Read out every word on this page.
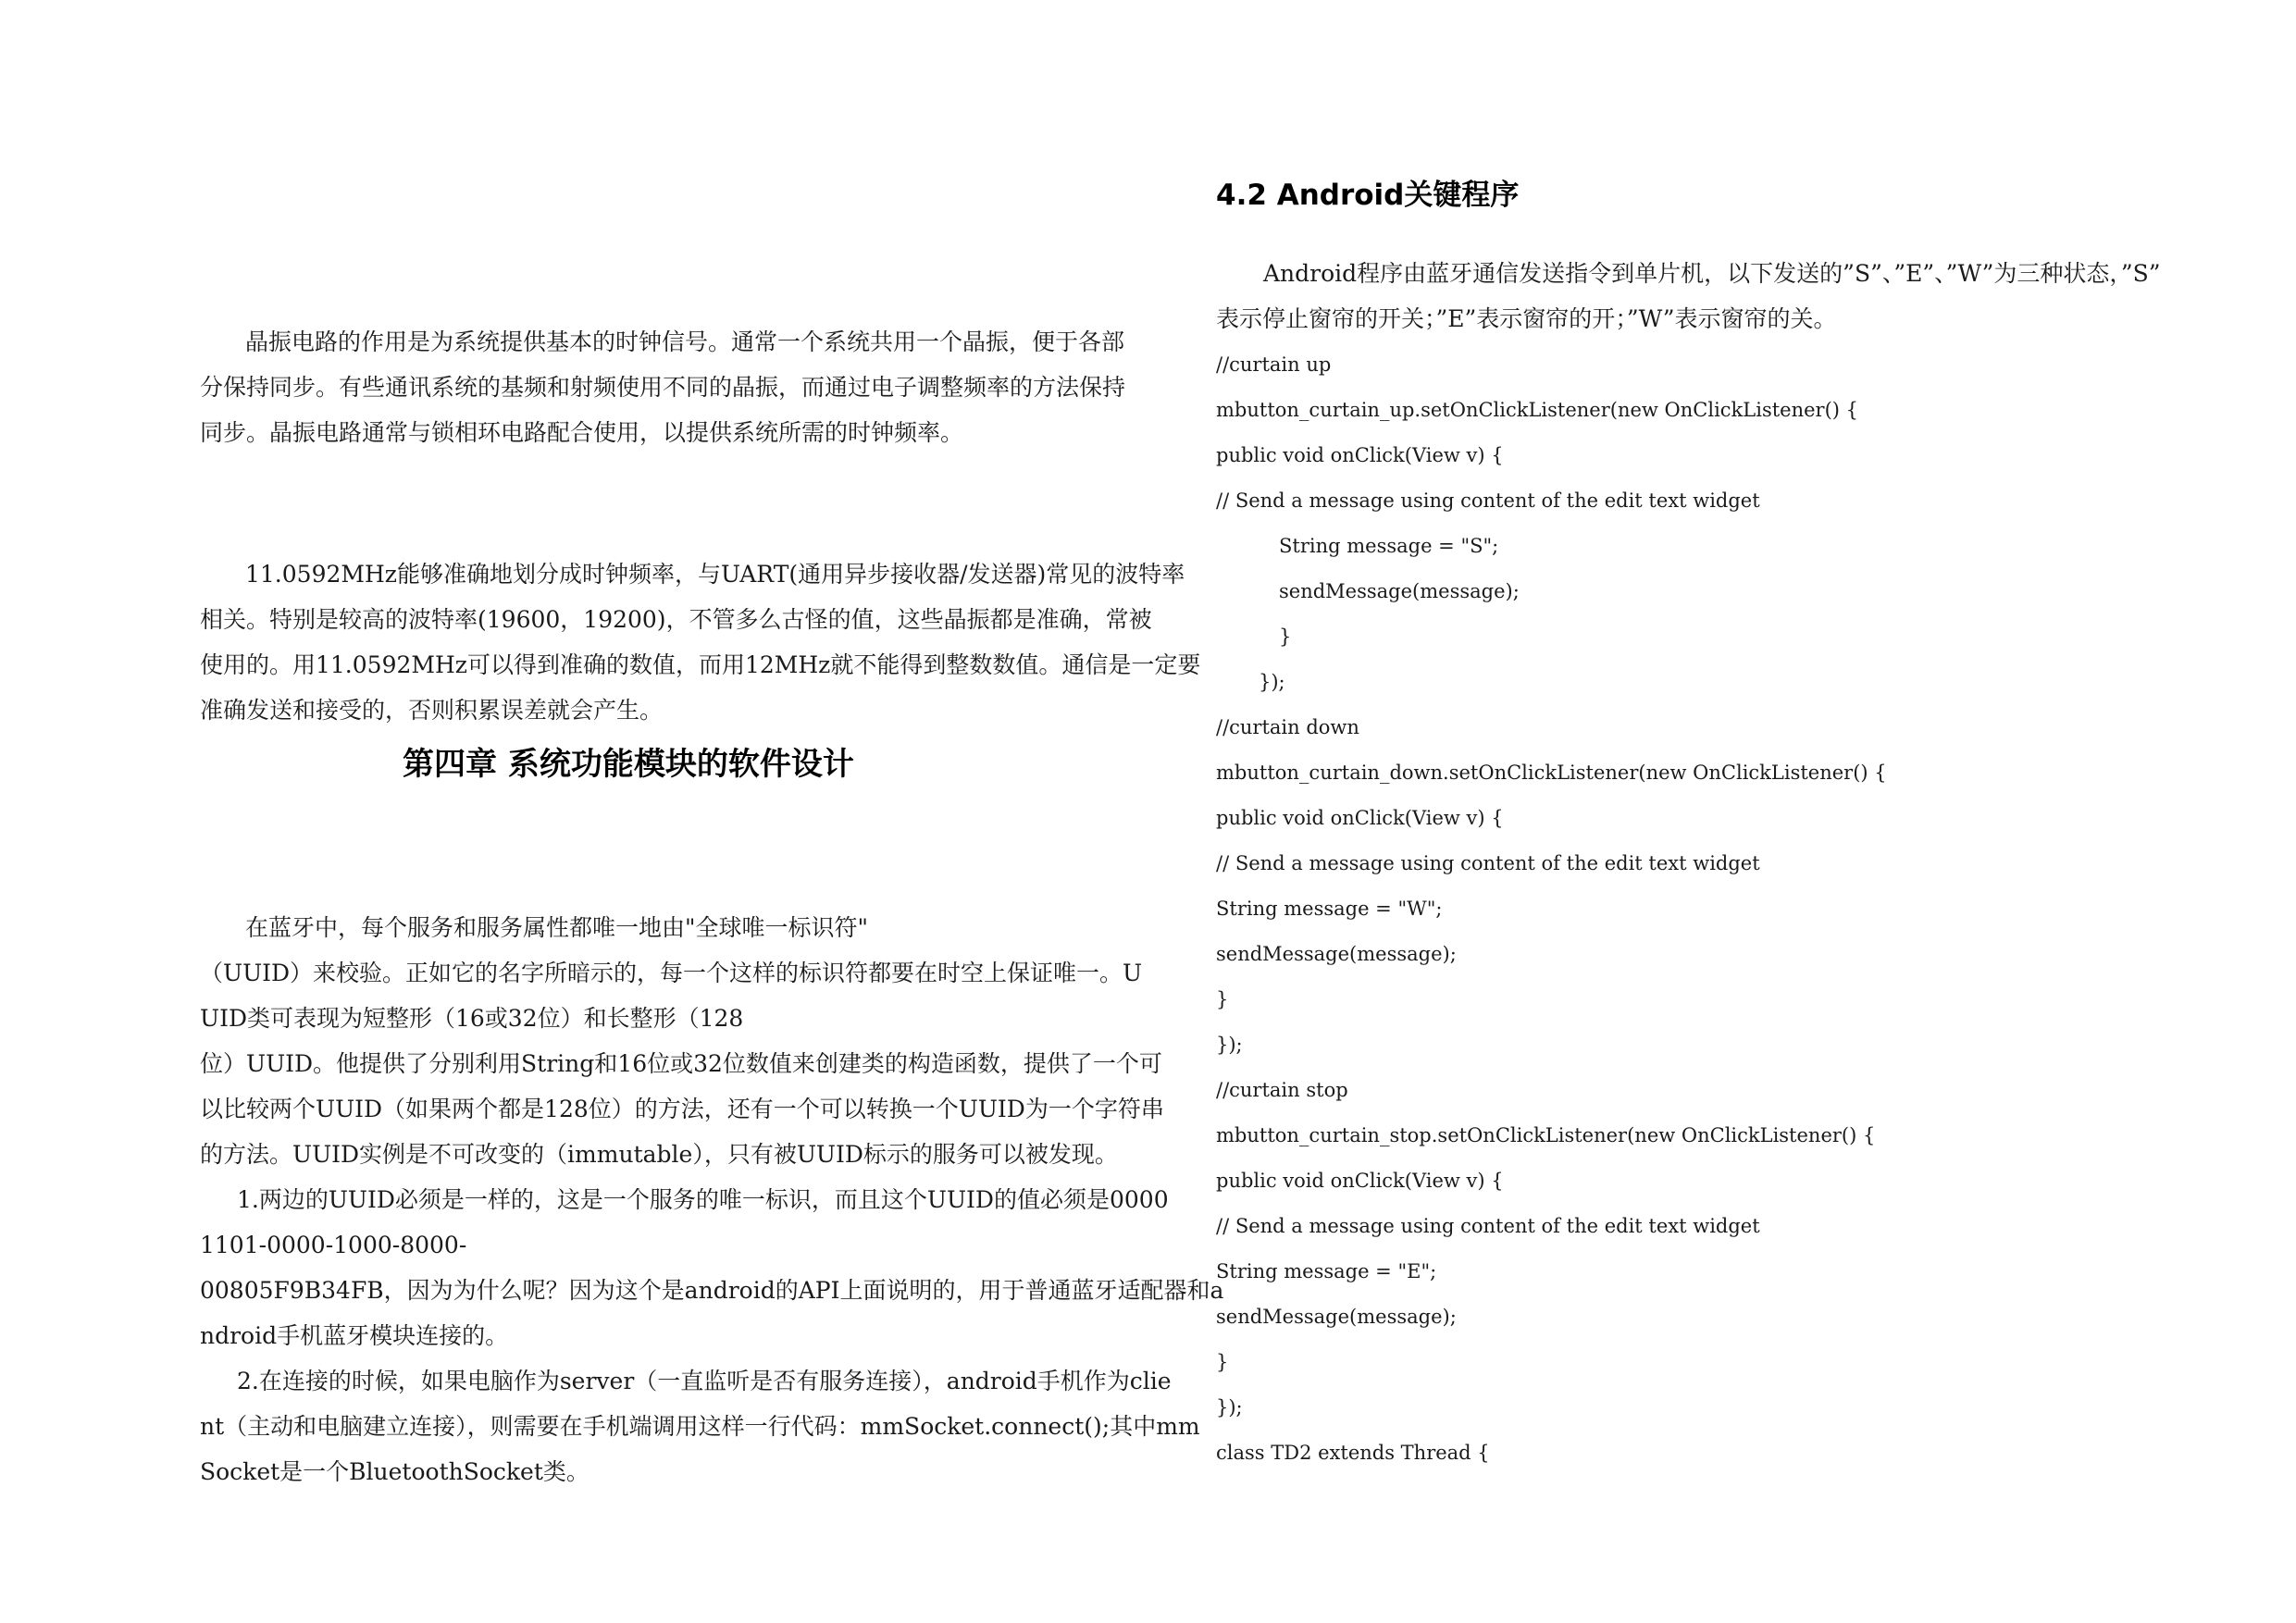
晶振电路的作用是为系统提供基本的时钟信号。通常一个系统共用一个晶振，便于各部
分保持同步。有些通讯系统的基频和射频使用不同的晶振，而通过电子调整频率的方法保持
同步。晶振电路通常与锁相环电路配合使用，以提供系统所需的时钟频率。
11.0592MHz能够准确地划分成时钟频率，与UART(通用异步接收器/发送器)常见的波特率
相关。特别是较高的波特率(19600，19200)，不管多么古怪的值，这些晶振都是准确，常被
使用的。用11.0592MHz可以得到准确的数值，而用12MHz就不能得到整数数值。通信是一定要
准确发送和接受的，否则积累误差就会产生。
第四章 系统功能模块的软件设计
在蓝牙中，每个服务和服务属性都唯一地由"全球唯一标识符"
（UUID）来校验。正如它的名字所暗示的，每一个这样的标识符都要在时空上保证唯一。U
UID类可表现为短整形（16或32位）和长整形（128
位）UUID。他提供了分别利用String和16位或32位数值来创建类的构造函数，提供了一个可
以比较两个UUID（如果两个都是128位）的方法，还有一个可以转换一个UUID为一个字符串
的方法。UUID实例是不可改变的（immutable），只有被UUID标示的服务可以被发现。
1.两边的UUID必须是一样的，这是一个服务的唯一标识，而且这个UUID的值必须是0000
1101-0000-1000-8000-
00805F9B34FB，因为为什么呢？因为这个是android的API上面说明的，用于普通蓝牙适配器和a
ndroid手机蓝牙模块连接的。
2.在连接的时候，如果电脑作为server（一直监听是否有服务连接），android手机作为clie
nt（主动和电脑建立连接），则需要在手机端调用这样一行代码：mmSocket.connect();其中mm
Socket是一个BluetoothSocket类。
4.2 Android关键程序
Android程序由蓝牙通信发送指令到单片机，以下发送的”S”、”E”、”W”为三种状态，”S”
表示停止窗帘的开关；”E”表示窗帘的开；”W”表示窗帘的关。
//curtain up
mbutton_curtain_up.setOnClickListener(new OnClickListener() {
public void onClick(View v) {
// Send a message using content of the edit text widget
String message = "S";
sendMessage(message);
}
});
//curtain down
mbutton_curtain_down.setOnClickListener(new OnClickListener() {
public void onClick(View v) {
// Send a message using content of the edit text widget
String message = "W";
sendMessage(message);
}
});
//curtain stop
mbutton_curtain_stop.setOnClickListener(new OnClickListener() {
public void onClick(View v) {
// Send a message using content of the edit text widget
String message = "E";
sendMessage(message);
}
});
class TD2 extends Thread {
